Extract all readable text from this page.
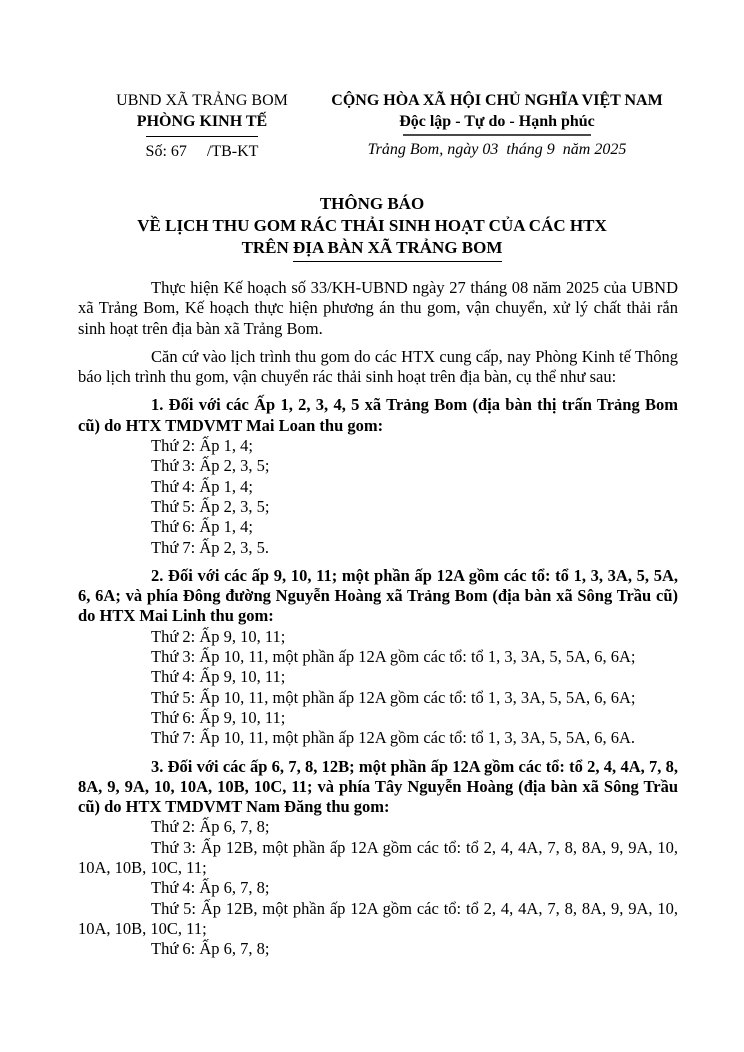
UBND XÃ TRẢNG BOM
PHÒNG KINH TẾ
Số: 67     /TB-KT
CỘNG HÒA XÃ HỘI CHỦ NGHĨA VIỆT NAM
Độc lập - Tự do - Hạnh phúc
Trảng Bom, ngày 03  tháng 9  năm 2025
THÔNG BÁO
VỀ LỊCH THU GOM RÁC THẢI SINH HOẠT CỦA CÁC HTX
TRÊN ĐỊA BÀN XÃ TRẢNG BOM

Thực hiện Kế hoạch số 33/KH-UBND ngày 27 tháng 08 năm 2025 của UBND xã Trảng Bom, Kế hoạch thực hiện phương án thu gom, vận chuyển, xử lý chất thải rắn sinh hoạt trên địa bàn xã Trảng Bom.

Căn cứ vào lịch trình thu gom do các HTX cung cấp, nay Phòng Kinh tế Thông báo lịch trình thu gom, vận chuyển rác thải sinh hoạt trên địa bàn, cụ thể như sau:

1. Đối với các Ấp 1, 2, 3, 4, 5 xã Trảng Bom (địa bàn thị trấn Trảng Bom cũ) do HTX TMDVMT Mai Loan thu gom:

Thứ 2: Ấp 1, 4;

Thứ 3: Ấp 2, 3, 5;

Thứ 4: Ấp 1, 4;

Thứ 5: Ấp 2, 3, 5;

Thứ 6: Ấp 1, 4;

Thứ 7: Ấp 2, 3, 5.

2. Đối với các ấp 9, 10, 11; một phần ấp 12A gồm các tổ: tổ 1, 3, 3A, 5, 5A, 6, 6A; và phía Đông đường Nguyễn Hoàng xã Trảng Bom (địa bàn xã Sông Trầu cũ) do HTX Mai Linh thu gom:

Thứ 2: Ấp 9, 10, 11;

Thứ 3: Ấp 10, 11, một phần ấp 12A gồm các tổ: tổ 1, 3, 3A, 5, 5A, 6, 6A;

Thứ 4: Ấp 9, 10, 11;

Thứ 5: Ấp 10, 11, một phần ấp 12A gồm các tổ: tổ 1, 3, 3A, 5, 5A, 6, 6A;

Thứ 6: Ấp 9, 10, 11;

Thứ 7: Ấp 10, 11, một phần ấp 12A gồm các tổ: tổ 1, 3, 3A, 5, 5A, 6, 6A.

3. Đối với các ấp 6, 7, 8, 12B; một phần ấp 12A gồm các tổ: tổ 2, 4, 4A, 7, 8, 8A, 9, 9A, 10, 10A, 10B, 10C, 11; và phía Tây Nguyễn Hoàng (địa bàn xã Sông Trầu cũ) do HTX TMDVMT Nam Đăng thu gom:

Thứ 2: Ấp 6, 7, 8;

Thứ 3: Ấp 12B, một phần ấp 12A gồm các tổ: tổ 2, 4, 4A, 7, 8, 8A, 9, 9A, 10, 10A, 10B, 10C, 11;

Thứ 4: Ấp 6, 7, 8;

Thứ 5: Ấp 12B, một phần ấp 12A gồm các tổ: tổ 2, 4, 4A, 7, 8, 8A, 9, 9A, 10, 10A, 10B, 10C, 11;

Thứ 6: Ấp 6, 7, 8;
